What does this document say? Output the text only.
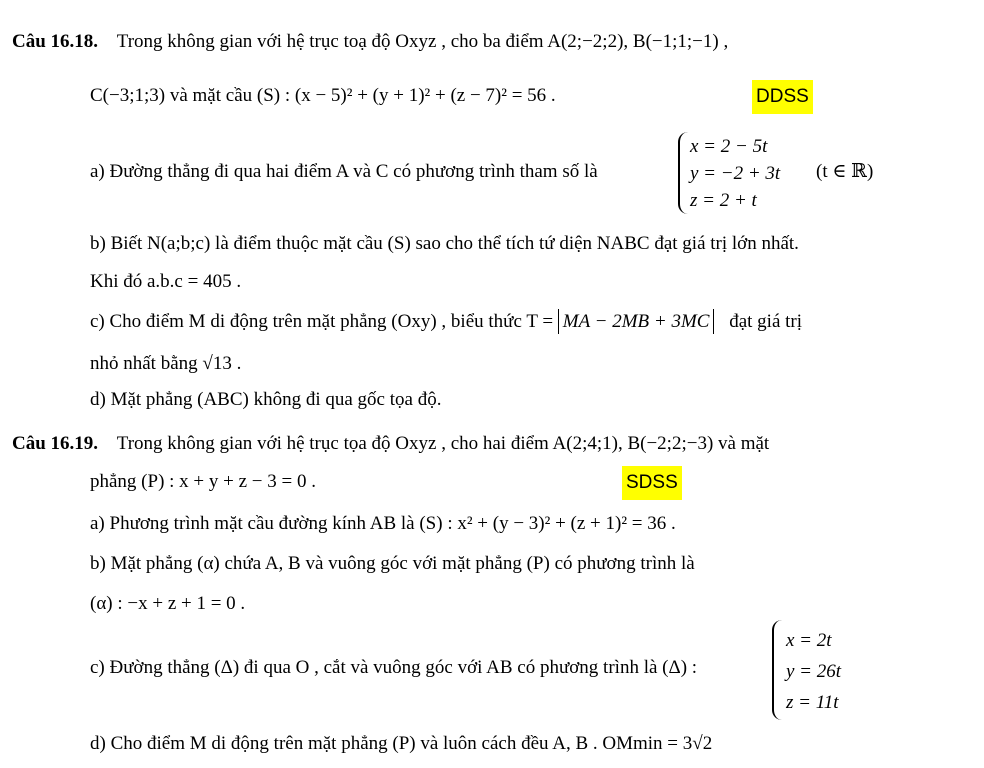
Câu 16.18. Trong không gian với hệ trục toạ độ Oxyz , cho ba điểm A(2;−2;2), B(−1;1;−1) ,
C(−3;1;3) và mặt cầu (S) : (x − 5)² + (y + 1)² + (z − 7)² = 56 .	DDSS
a) Đường thẳng đi qua hai điểm A và C có phương trình tham số là
x = 2 − 5t
y = −2 + 3t
z = 2 + t
(t ∈ ℝ)
b) Biết N(a;b;c) là điểm thuộc mặt cầu (S) sao cho thể tích tứ diện NABC đạt giá trị lớn nhất.
Khi đó a.b.c = 405 .
c) Cho điểm M di động trên mặt phẳng (Oxy) , biểu thức T = MA − 2MB + 3MC đạt giá trị
nhỏ nhất bằng √13 .
d) Mặt phẳng (ABC) không đi qua gốc tọa độ.
Câu 16.19. Trong không gian với hệ trục tọa độ Oxyz , cho hai điểm A(2;4;1), B(−2;2;−3) và mặt
phẳng (P) : x + y + z − 3 = 0 .	SDSS
a) Phương trình mặt cầu đường kính AB là (S) : x² + (y − 3)² + (z + 1)² = 36 .
b) Mặt phẳng (α) chứa A, B và vuông góc với mặt phẳng (P) có phương trình là
(α) : −x + z + 1 = 0 .
c) Đường thẳng (Δ) đi qua O , cắt và vuông góc với AB có phương trình là (Δ) :
x = 2t
y = 26t
z = 11t
d) Cho điểm M di động trên mặt phẳng (P) và luôn cách đều A, B . OMmin = 3√2
